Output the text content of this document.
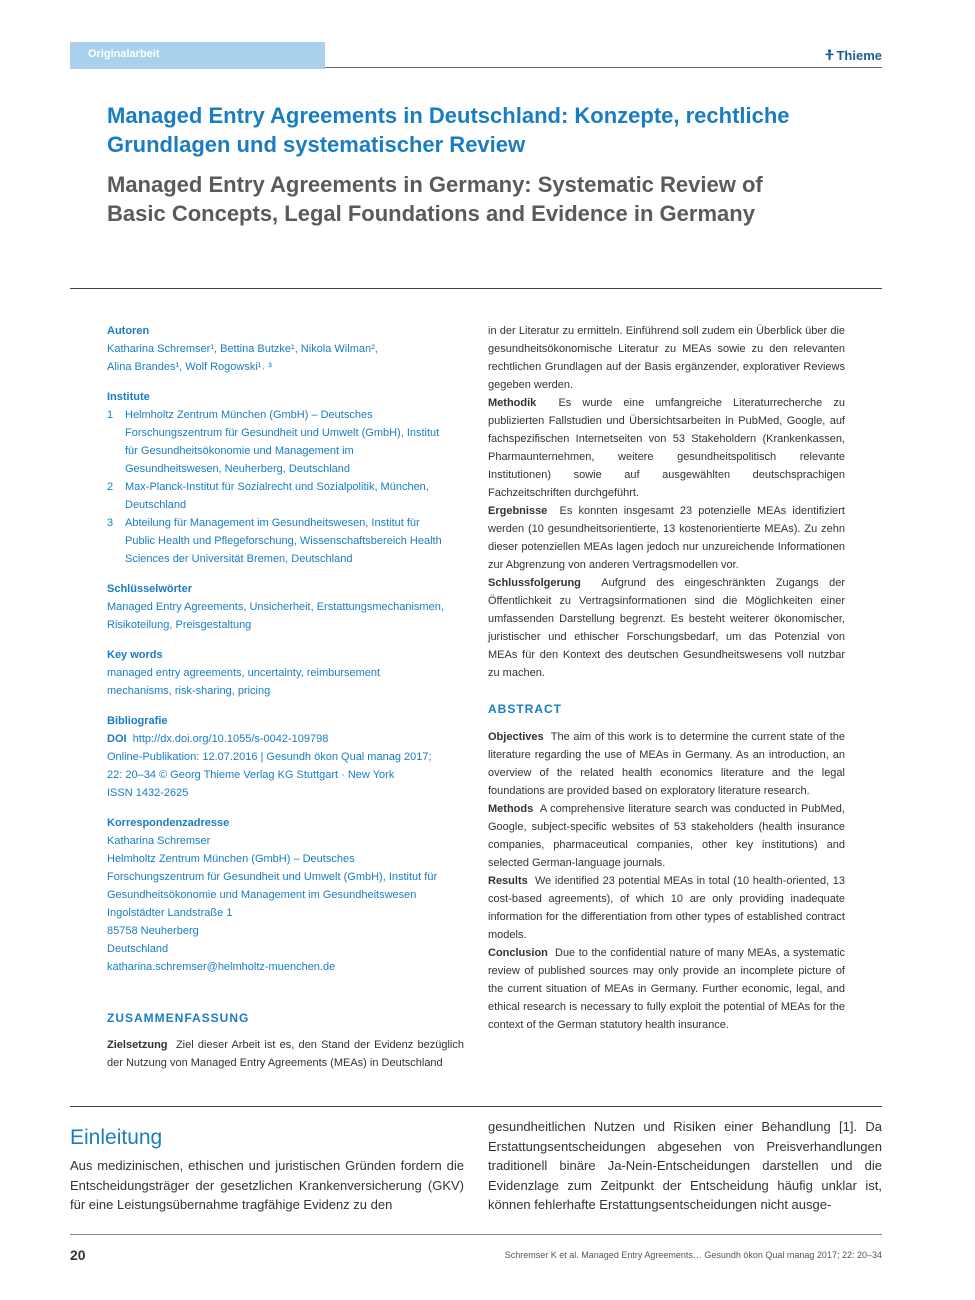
Originalarbeit	Thieme
Managed Entry Agreements in Deutschland: Konzepte, rechtliche Grundlagen und systematischer Review
Managed Entry Agreements in Germany: Systematic Review of Basic Concepts, Legal Foundations and Evidence in Germany
Autoren
Katharina Schremser¹, Bettina Butzke¹, Nikola Wilman²,
Alina Brandes¹, Wolf Rogowski¹˒ ³
Institute
1	Helmholtz Zentrum München (GmbH) – Deutsches
Forschungszentrum für Gesundheit und Umwelt (GmbH), Institut
für Gesundheitsökonomie und Management im
Gesundheitswesen, Neuherberg, Deutschland
2	Max-Planck-Institut für Sozialrecht und Sozialpolitik, München,
Deutschland
3	Abteilung für Management im Gesundheitswesen, Institut für
Public Health und Pflegeforschung, Wissenschaftsbereich Health
Sciences der Universität Bremen, Deutschland
Schlüsselwörter
Managed Entry Agreements, Unsicherheit, Erstattungsmechanismen,
Risikoteilung, Preisgestaltung
Key words
managed entry agreements, uncertainty, reimbursement
mechanisms, risk-sharing, pricing
Bibliografie
DOI http://dx.doi.org/10.1055/s-0042-109798
Online-Publikation: 12.07.2016 | Gesundh ökon Qual manag 2017;
22: 20–34 © Georg Thieme Verlag KG Stuttgart · New York
ISSN 1432-2625
Korrespondenzadresse
Katharina Schremser
Helmholtz Zentrum München (GmbH) – Deutsches
Forschungszentrum für Gesundheit und Umwelt (GmbH), Institut für
Gesundheitsökonomie und Management im Gesundheitswesen
Ingolstädter Landstraße 1
85758 Neuherberg
Deutschland
katharina.schremser@helmholtz-muenchen.de
ZUSAMMENFASSUNG
Zielsetzung Ziel dieser Arbeit ist es, den Stand der Evidenz bezüglich der Nutzung von Managed Entry Agreements (MEAs) in Deutschland
in der Literatur zu ermitteln. Einführend soll zudem ein Überblick über die gesundheitsökonomische Literatur zu MEAs sowie zu den relevanten rechtlichen Grundlagen auf der Basis ergänzender, explorativer Reviews gegeben werden.
Methodik Es wurde eine umfangreiche Literaturrecherche zu publizierten Fallstudien und Übersichtsarbeiten in PubMed, Google, auf fachspezifischen Internetseiten von 53 Stakeholdern (Krankenkassen, Pharmaunternehmen, weitere gesundheitspolitisch relevante Institutionen) sowie auf ausgewählten deutschsprachigen Fachzeitschriften durchgeführt.
Ergebnisse Es konnten insgesamt 23 potenzielle MEAs identifiziert werden (10 gesundheitsorientierte, 13 kostenorientierte MEAs). Zu zehn dieser potenziellen MEAs lagen jedoch nur unzureichende Informationen zur Abgrenzung von anderen Vertragsmodellen vor.
Schlussfolgerung Aufgrund des eingeschränkten Zugangs der Öffentlichkeit zu Vertragsinformationen sind die Möglichkeiten einer umfassenden Darstellung begrenzt. Es besteht weiterer ökonomischer, juristischer und ethischer Forschungsbedarf, um das Potenzial von MEAs für den Kontext des deutschen Gesundheitswesens voll nutzbar zu machen.
ABSTRACT
Objectives The aim of this work is to determine the current state of the literature regarding the use of MEAs in Germany. As an introduction, an overview of the related health economics literature and the legal foundations are provided based on exploratory literature research.
Methods A comprehensive literature search was conducted in PubMed, Google, subject-specific websites of 53 stakeholders (health insurance companies, pharmaceutical companies, other key institutions) and selected German-language journals.
Results We identified 23 potential MEAs in total (10 health-oriented, 13 cost-based agreements), of which 10 are only providing inadequate information for the differentiation from other types of established contract models.
Conclusion Due to the confidential nature of many MEAs, a systematic review of published sources may only provide an incomplete picture of the current situation of MEAs in Germany. Further economic, legal, and ethical research is necessary to fully exploit the potential of MEAs for the context of the German statutory health insurance.
Einleitung
Aus medizinischen, ethischen und juristischen Gründen fordern die Entscheidungsträger der gesetzlichen Krankenversicherung (GKV) für eine Leistungsübernahme tragfähige Evidenz zu den
gesundheitlichen Nutzen und Risiken einer Behandlung [1]. Da Erstattungsentscheidungen abgesehen von Preisverhandlungen traditionell binäre Ja-Nein-Entscheidungen darstellen und die Evidenzlage zum Zeitpunkt der Entscheidung häufig unklar ist, können fehlerhafte Erstattungsentscheidungen nicht ausge-
20	Schremser K et al. Managed Entry Agreements… Gesundh ökon Qual manag 2017; 22: 20–34
